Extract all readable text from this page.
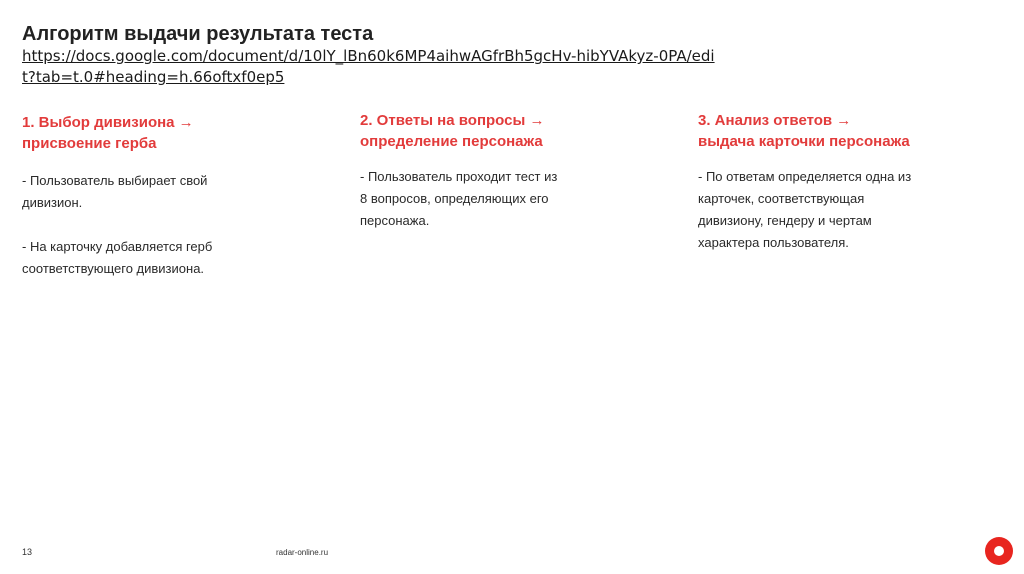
Алгоритм выдачи результата теста
https://docs.google.com/document/d/10lY_lBn60k6MP4aihwAGfrBh5gcHv-hibYVAkyz-0PA/edit?tab=t.0#heading=h.66oftxf0ep5
1. Выбор дивизиона →
присвоение герба

- Пользователь выбирает свой
дивизион.

- На карточку добавляется герб
соответствующего дивизиона.

2. Ответы на вопросы →
определение персонажа

- Пользователь проходит тест из
8 вопросов, определяющих его
персонажа.

3. Анализ ответов →
выдача карточки персонажа

- По ответам определяется одна из
карточек, соответствующая
дивизиону, гендеру и чертам
характера пользователя.

13	radar-online.ru
